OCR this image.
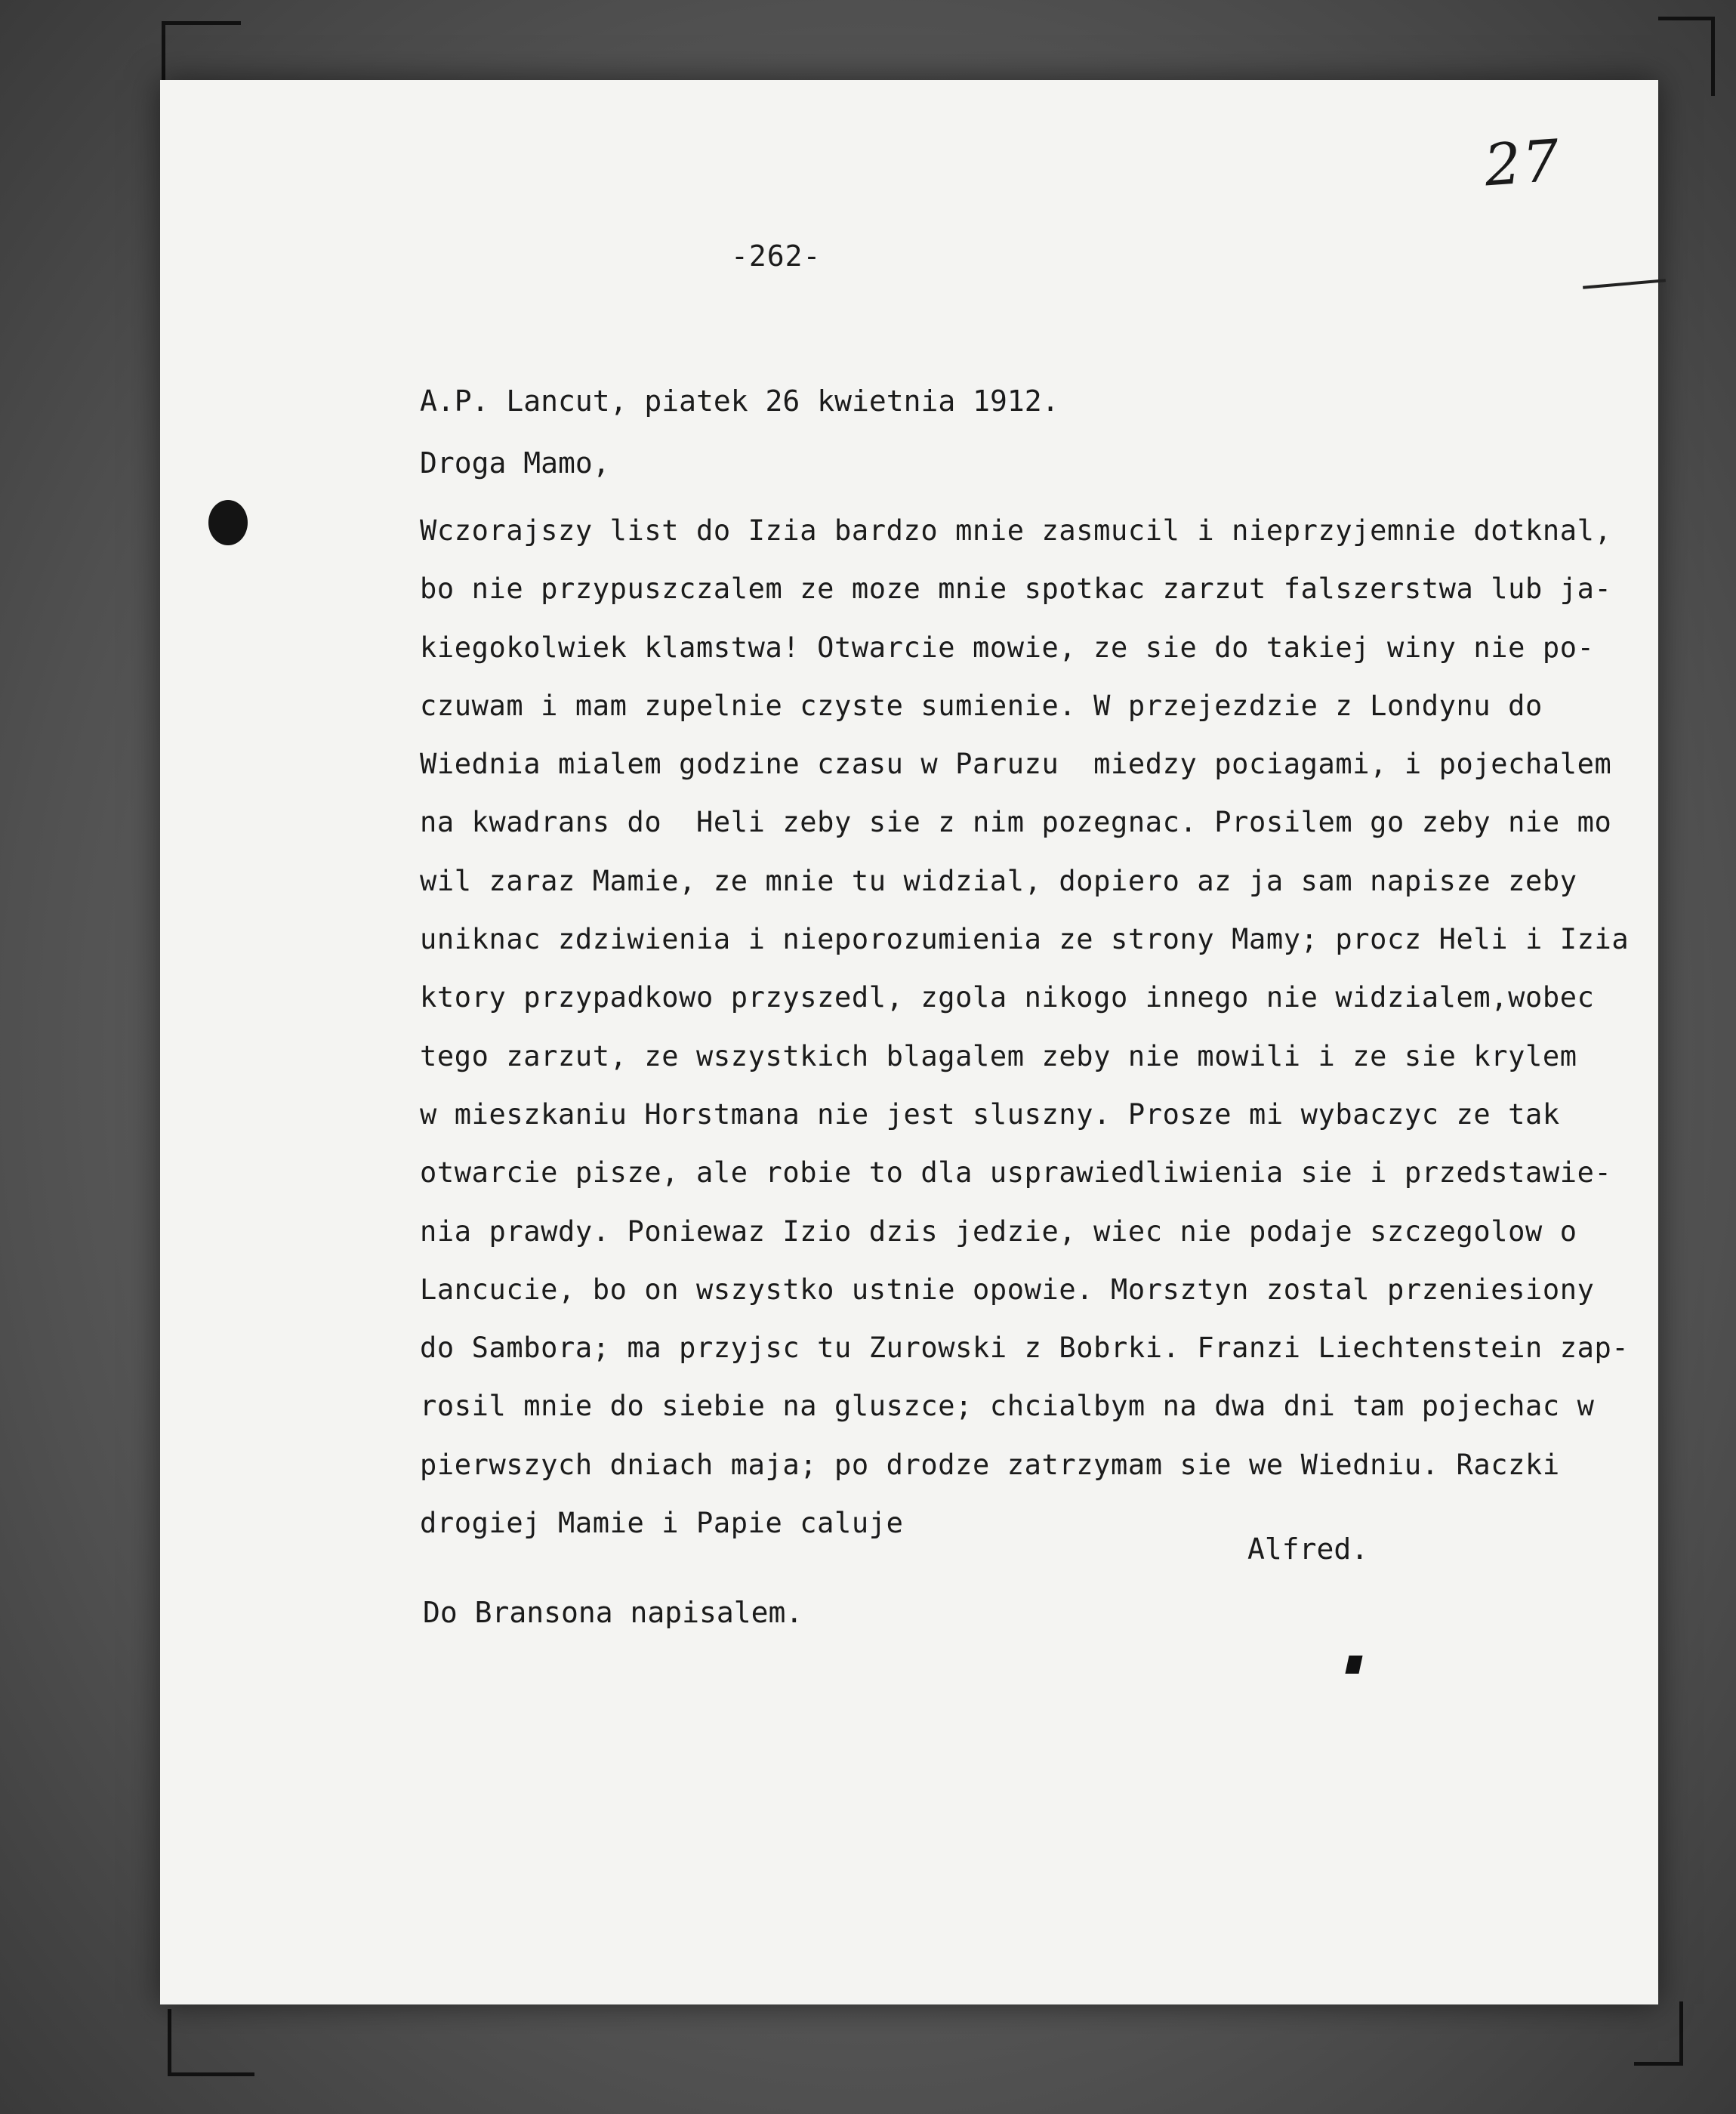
27
-262-
A.P. Lancut, piatek 26 kwietnia 1912.
Droga Mamo,
Wczorajszy list do Izia bardzo mnie zasmucil i nieprzyjemnie dotknal,
bo nie przypuszczalem ze moze mnie spotkac zarzut falszerstwa lub ja-
kiegokolwiek klamstwa! Otwarcie mowie, ze sie do takiej winy nie po-
czuwam i mam zupelnie czyste sumienie. W przejezdzie z Londynu do
Wiednia mialem godzine czasu w Paruzu  miedzy pociagami, i pojechalem
na kwadrans do  Heli zeby sie z nim pozegnac. Prosilem go zeby nie mo
wil zaraz Mamie, ze mnie tu widzial, dopiero az ja sam napisze zeby
uniknac zdziwienia i nieporozumienia ze strony Mamy; procz Heli i Izia
ktory przypadkowo przyszedl, zgola nikogo innego nie widzialem,wobec
tego zarzut, ze wszystkich blagalem zeby nie mowili i ze sie krylem
w mieszkaniu Horstmana nie jest sluszny. Prosze mi wybaczyc ze tak
otwarcie pisze, ale robie to dla usprawiedliwienia sie i przedstawie-
nia prawdy. Poniewaz Izio dzis jedzie, wiec nie podaje szczegolow o
Lancucie, bo on wszystko ustnie opowie. Morsztyn zostal przeniesiony
do Sambora; ma przyjsc tu Zurowski z Bobrki. Franzi Liechtenstein zap-
rosil mnie do siebie na gluszce; chcialbym na dwa dni tam pojechac w
pierwszych dniach maja; po drodze zatrzymam sie we Wiedniu. Raczki
drogiej Mamie i Papie caluje
Alfred.
Do Bransona napisalem.
